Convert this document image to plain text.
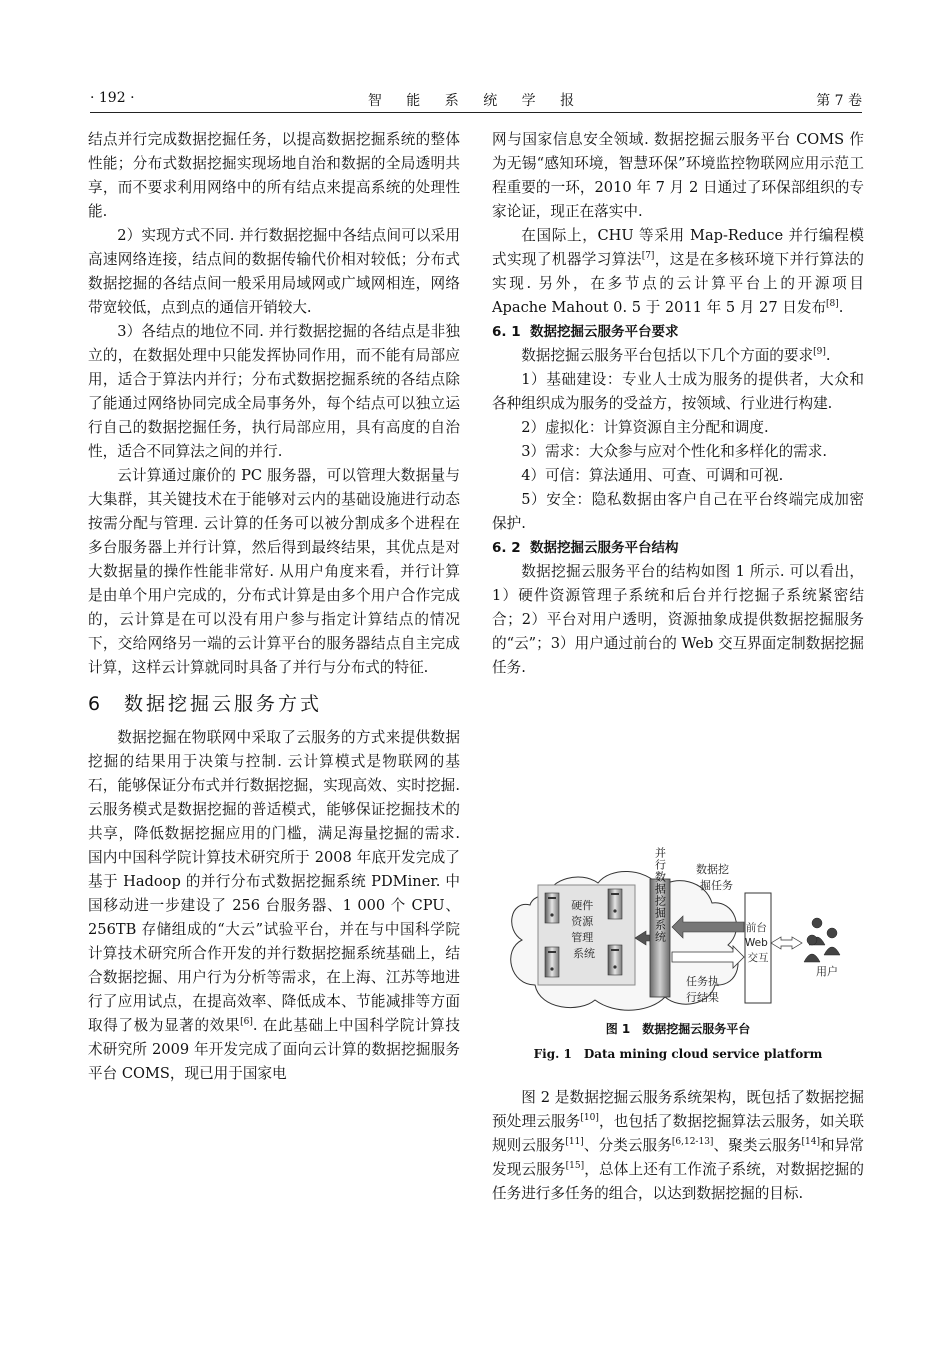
· 192 ·	智 能 系 统 学 报	第 7 卷

结点并行完成数据挖掘任务，以提高数据挖掘系统的整体性能；分布式数据挖掘实现场地自治和数据的全局透明共享，而不要求利用网络中的所有结点来提高系统的处理性能.

2）实现方式不同. 并行数据挖掘中各结点间可以采用高速网络连接，结点间的数据传输代价相对较低；分布式数据挖掘的各结点间一般采用局域网或广域网相连，网络带宽较低，点到点的通信开销较大.

3）各结点的地位不同. 并行数据挖掘的各结点是非独立的，在数据处理中只能发挥协同作用，而不能有局部应用，适合于算法内并行；分布式数据挖掘系统的各结点除了能通过网络协同完成全局事务外，每个结点可以独立运行自己的数据挖掘任务，执行局部应用，具有高度的自治性，适合不同算法之间的并行.

云计算通过廉价的 PC 服务器，可以管理大数据量与大集群，其关键技术在于能够对云内的基础设施进行动态按需分配与管理. 云计算的任务可以被分割成多个进程在多台服务器上并行计算，然后得到最终结果，其优点是对大数据量的操作性能非常好. 从用户角度来看，并行计算是由单个用户完成的，分布式计算是由多个用户合作完成的，云计算是在可以没有用户参与指定计算结点的情况下，交给网络另一端的云计算平台的服务器结点自主完成计算，这样云计算就同时具备了并行与分布式的特征.

6 数据挖掘云服务方式

数据挖掘在物联网中采取了云服务的方式来提供数据挖掘的结果用于决策与控制. 云计算模式是物联网的基石，能够保证分布式并行数据挖掘，实现高效、实时挖掘. 云服务模式是数据挖掘的普适模式，能够保证挖掘技术的共享，降低数据挖掘应用的门槛，满足海量挖掘的需求. 国内中国科学院计算技术研究所于 2008 年底开发完成了基于 Hadoop 的并行分布式数据挖掘系统 PDMiner. 中国移动进一步建设了 256 台服务器、1 000 个 CPU、256TB 存储组成的“大云”试验平台，并在与中国科学院计算技术研究所合作开发的并行数据挖掘系统基础上，结合数据挖掘、用户行为分析等需求，在上海、江苏等地进行了应用试点，在提高效率、降低成本、节能减排等方面取得了极为显著的效果[6]. 在此基础上中国科学院计算技术研究所 2009 年开发完成了面向云计算的数据挖掘服务平台 COMS，现已用于国家电

网与国家信息安全领域. 数据挖掘云服务平台 COMS 作为无锡“感知环境，智慧环保”环境监控物联网应用示范工程重要的一环，2010 年 7 月 2 日通过了环保部组织的专家论证，现正在落实中.

在国际上，CHU 等采用 Map-Reduce 并行编程模式实现了机器学习算法[7]，这是在多核环境下并行算法的实现. 另外，在多节点的云计算平台上的开源项目 Apache Mahout 0. 5 于 2011 年 5 月 27 日发布[8].

6. 1 数据挖掘云服务平台要求

数据挖掘云服务平台包括以下几个方面的要求[9].

1）基础建设：专业人士成为服务的提供者，大众和各种组织成为服务的受益方，按领域、行业进行构建.

2）虚拟化：计算资源自主分配和调度.

3）需求：大众参与应对个性化和多样化的需求.

4）可信：算法通用、可查、可调和可视.

5）安全：隐私数据由客户自己在平台终端完成加密保护.

6. 2 数据挖掘云服务平台结构

数据挖掘云服务平台的结构如图 1 所示. 可以看出，1）硬件资源管理子系统和后台并行挖掘子系统紧密结合；2）平台对用户透明，资源抽象成提供数据挖掘服务的“云”；3）用户通过前台的 Web 交互界面定制数据挖掘任务.

硬件 资源 管理 系统
并行数据挖掘系统	数据挖 掘任务
任务执 行结果
前台 Web 交互
用户
图 1　数据挖掘云服务平台
Fig. 1　Data mining cloud service platform

图 2 是数据挖掘云服务系统架构，既包括了数据挖掘预处理云服务[10]，也包括了数据挖掘算法云服务，如关联规则云服务[11]、分类云服务[6,12-13]、聚类云服务[14]和异常发现云服务[15]，总体上还有工作流子系统，对数据挖掘的任务进行多任务的组合，以达到数据挖掘的目标.
